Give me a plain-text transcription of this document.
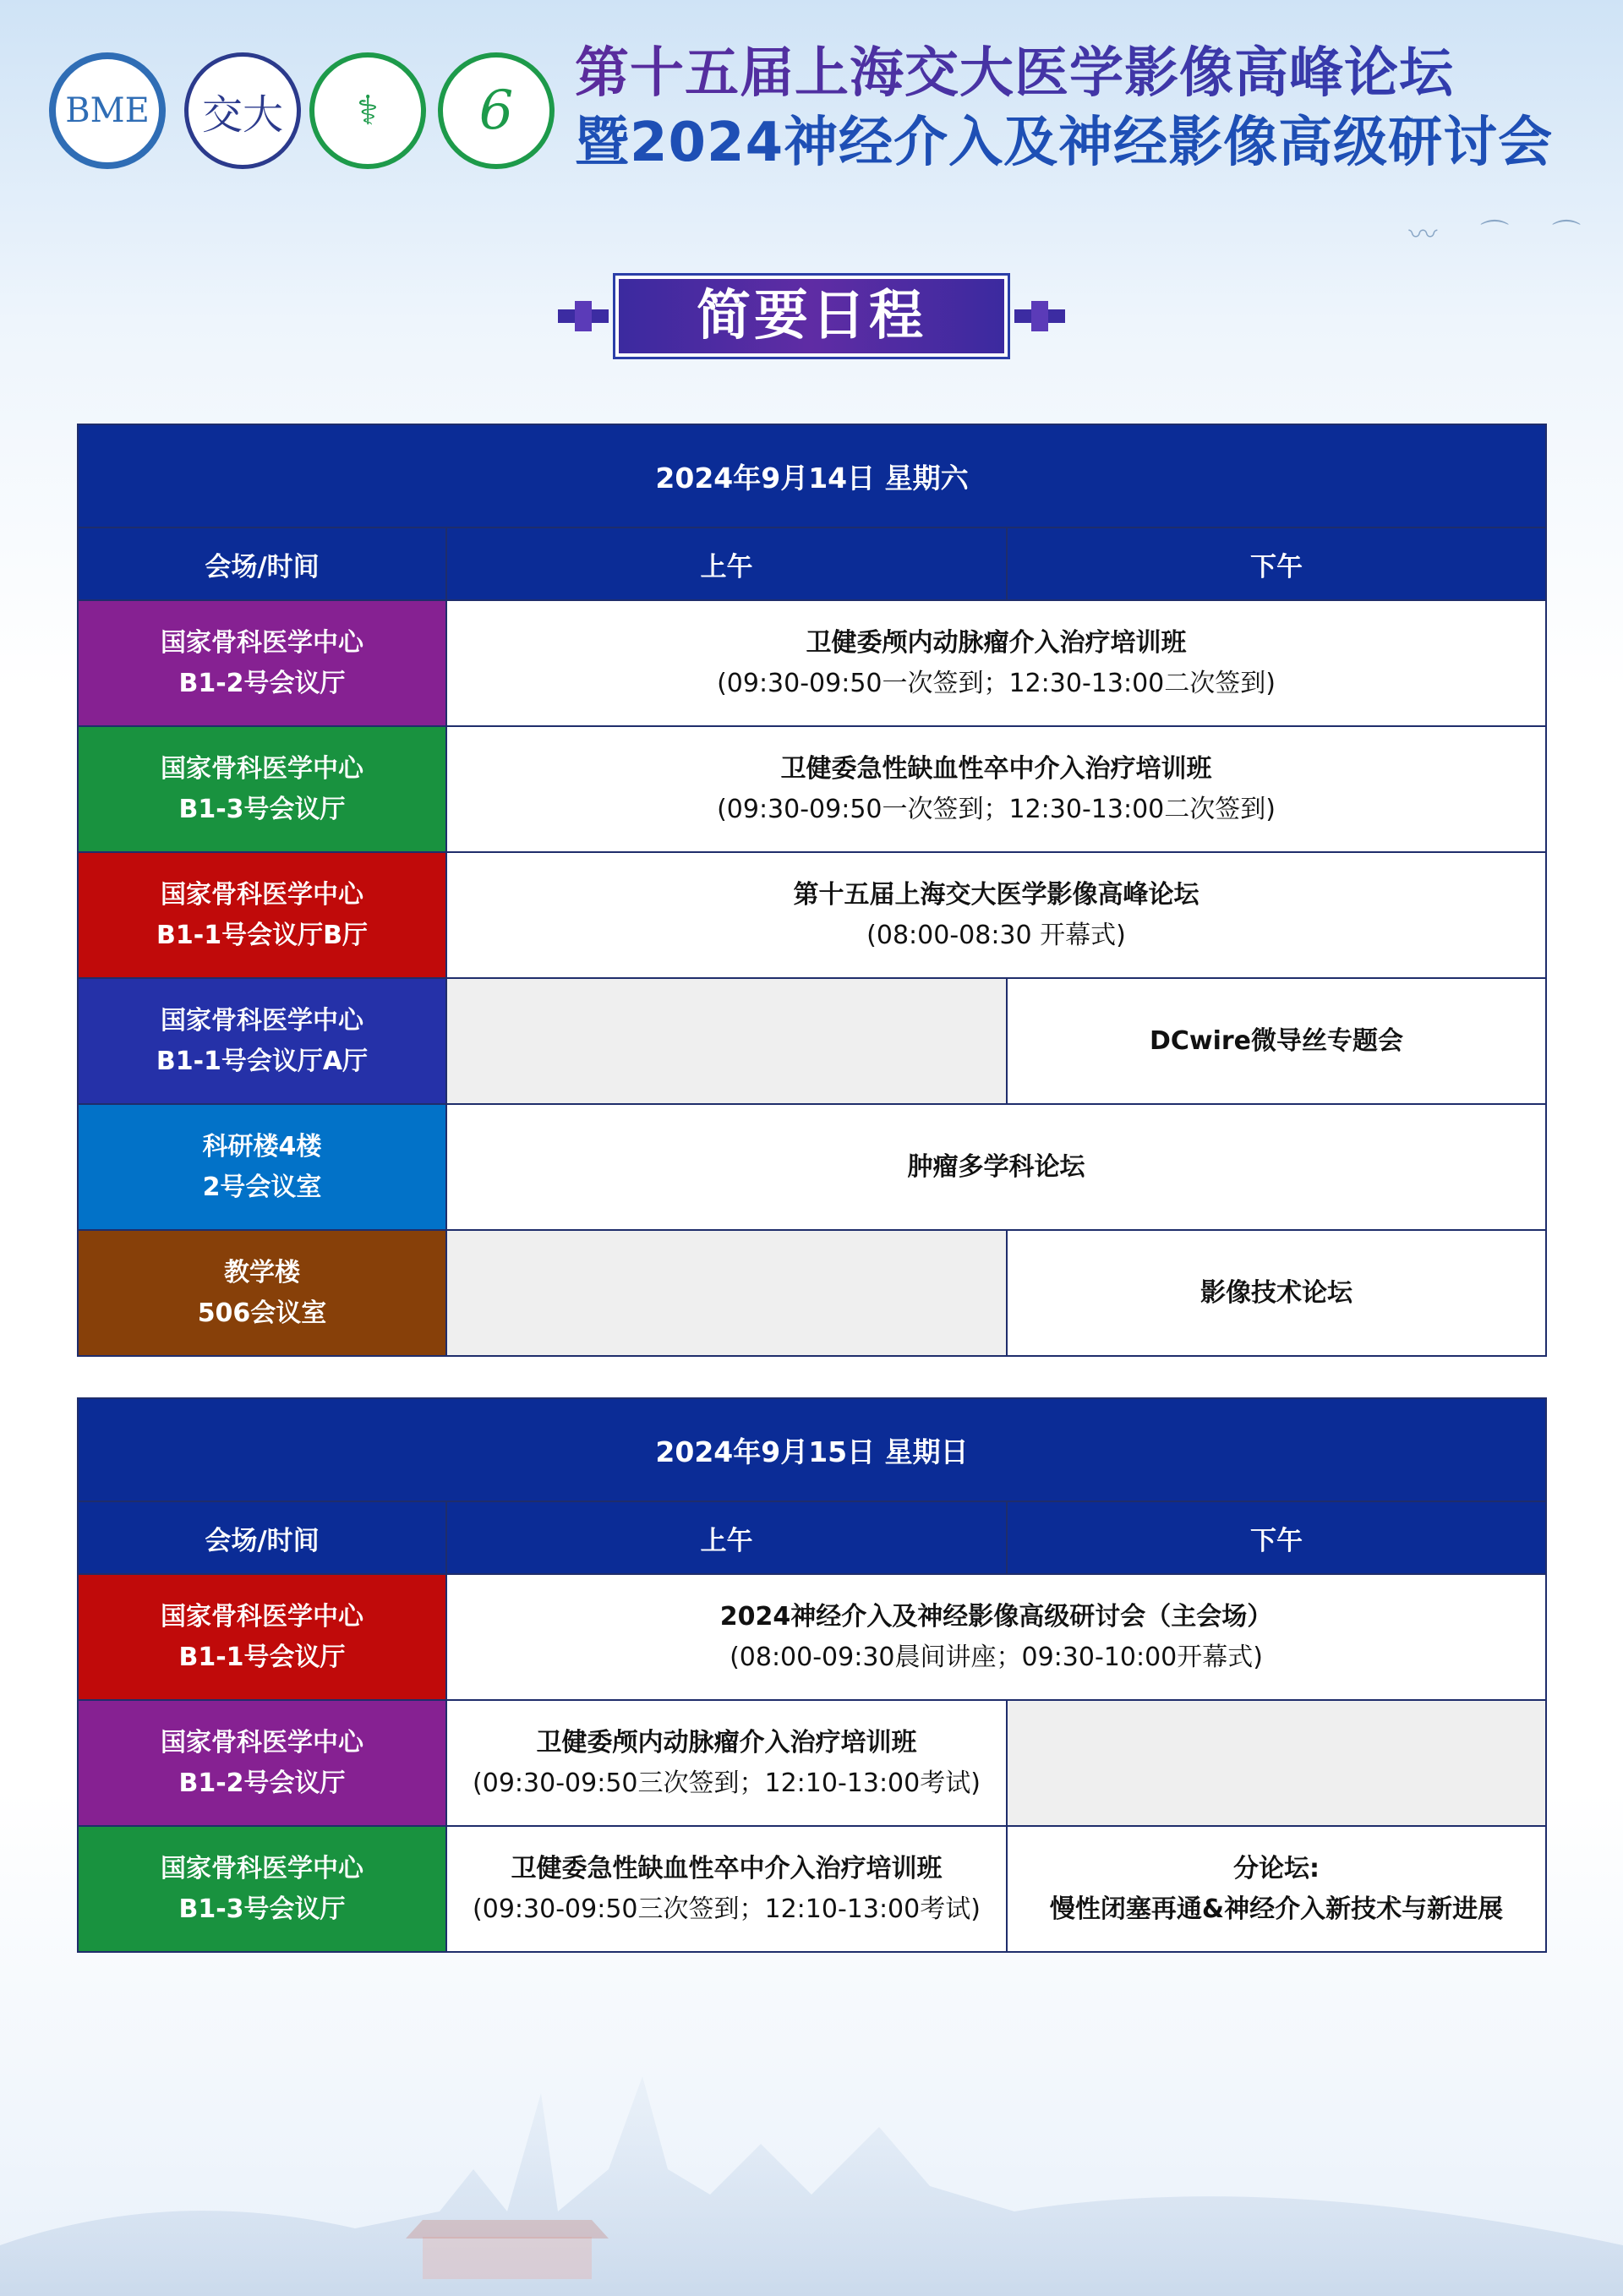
BME	交大	⚕	6
第十五届上海交大医学影像高峰论坛
暨2024神经介入及神经影像高级研讨会
〰 ⌒ ⌒
简要日程
2024年9月14日 星期六		
会场/时间	上午	下午

国家骨科医学中心
B1-2号会议厅	卫健委颅内动脉瘤介入治疗培训班
(09:30-09:50一次签到；12:30-13:00二次签到)	

国家骨科医学中心
B1-3号会议厅	卫健委急性缺血性卒中介入治疗培训班
(09:30-09:50一次签到；12:30-13:00二次签到)	

国家骨科医学中心
B1-1号会议厅B厅	第十五届上海交大医学影像高峰论坛
(08:00-08:30 开幕式)	

国家骨科医学中心
B1-1号会议厅A厅		DCwire微导丝专题会

科研楼4楼
2号会议室	肿瘤多学科论坛	

教学楼
506会议室		影像技术论坛
2024年9月15日 星期日		
会场/时间	上午	下午

国家骨科医学中心
B1-1号会议厅	2024神经介入及神经影像高级研讨会（主会场）
(08:00-09:30晨间讲座；09:30-10:00开幕式)	

国家骨科医学中心
B1-2号会议厅	卫健委颅内动脉瘤介入治疗培训班
(09:30-09:50三次签到；12:10-13:00考试)	

国家骨科医学中心
B1-3号会议厅	卫健委急性缺血性卒中介入治疗培训班
(09:30-09:50三次签到；12:10-13:00考试)	分论坛:
慢性闭塞再通&神经介入新技术与新进展
